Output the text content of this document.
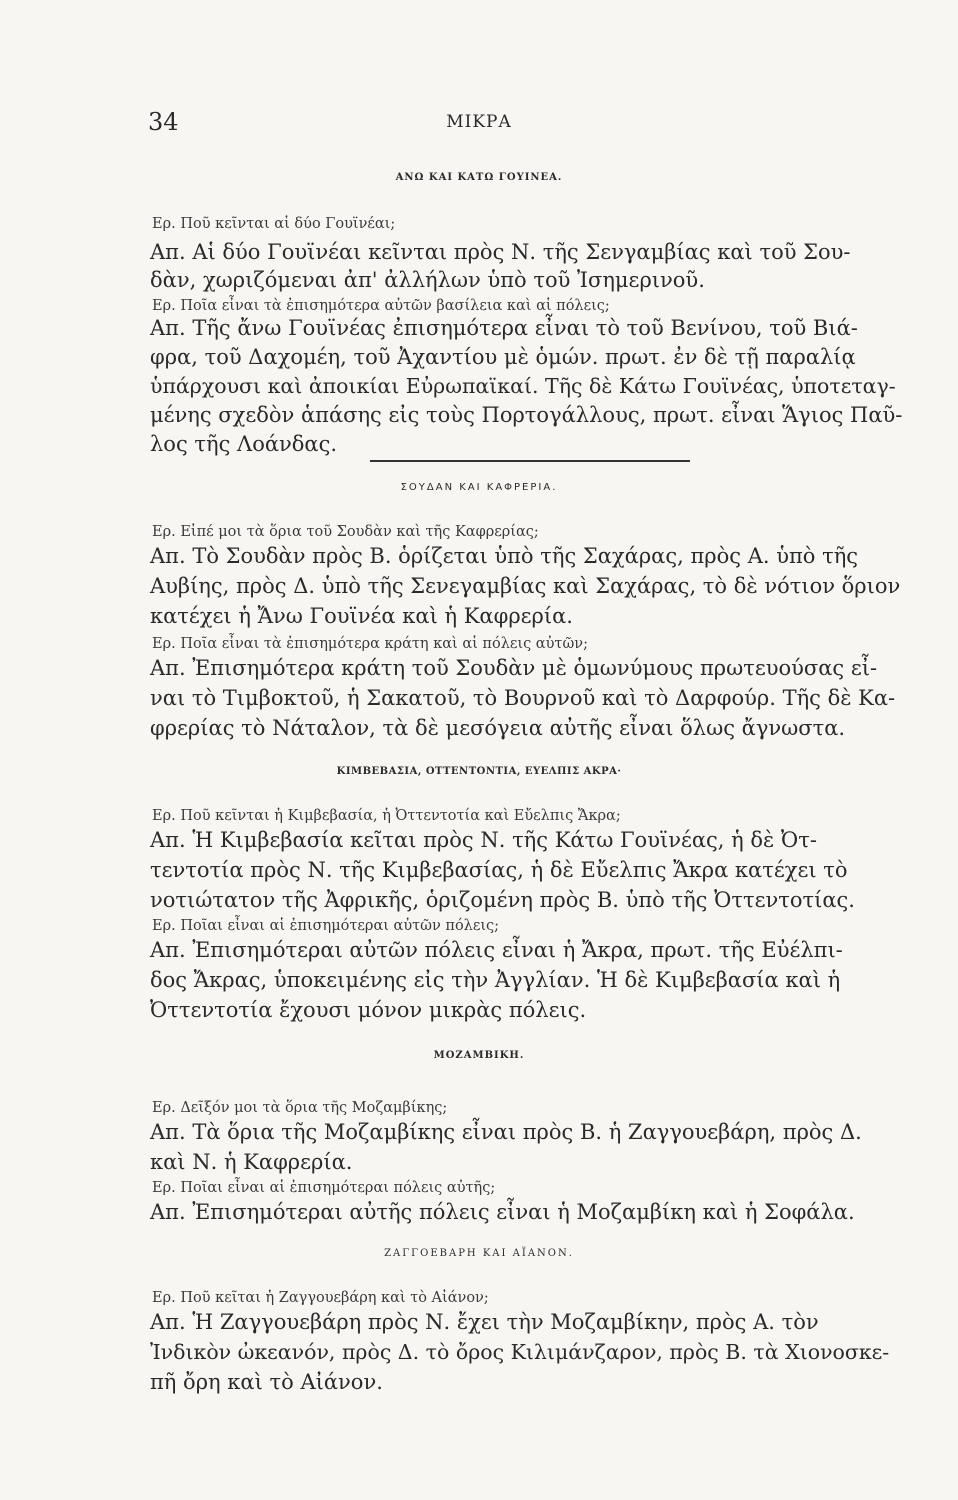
34	ΜΙΚΡΑ
ΑΝΩ ΚΑΙ ΚΑΤΩ ΓΟΥΙΝΕΑ.
Ερ. Ποῦ κεῖνται αἱ δύο Γουϊνέαι;
Απ. Αἱ δύο Γουϊνέαι κεῖνται πρὸς Ν. τῆς Σενγαμβίας καὶ τοῦ Σου-
δὰν, χωριζόμεναι ἀπ' ἀλλήλων ὑπὸ τοῦ Ἰσημερινοῦ.
Ερ. Ποῖα εἶναι τὰ ἐπισημότερα αὐτῶν βασίλεια καὶ αἱ πόλεις;
Απ. Τῆς ἄνω Γουϊνέας ἐπισημότερα εἶναι τὸ τοῦ Βενίνου, τοῦ Βιά-
φρα, τοῦ Δαχομέη, τοῦ Ἀχαντίου μὲ ὁμών. πρωτ. ἐν δὲ τῇ παραλίᾳ
ὑπάρχουσι καὶ ἀποικίαι Εὐρωπαϊκαί. Τῆς δὲ Κάτω Γουϊνέας, ὑποτεταγ-
μένης σχεδὸν ἁπάσης εἰς τοὺς Πορτογάλλους, πρωτ. εἶναι Ἅγιος Παῦ-
λος τῆς Λοάνδας.
ΣΟΥΔΑΝ ΚΑΙ ΚΑΦΡΕΡΙΑ.
Ερ. Εἰπέ μοι τὰ ὅρια τοῦ Σουδὰν καὶ τῆς Καφρερίας;
Απ. Τὸ Σουδὰν πρὸς Β. ὁρίζεται ὑπὸ τῆς Σαχάρας, πρὸς Α. ὑπὸ τῆς
Αυβίης, πρὸς Δ. ὑπὸ τῆς Σενεγαμβίας καὶ Σαχάρας, τὸ δὲ νότιον ὅριον
κατέχει ἡ Ἄνω Γουϊνέα καὶ ἡ Καφρερία.
Ερ. Ποῖα εἶναι τὰ ἐπισημότερα κράτη καὶ αἱ πόλεις αὐτῶν;
Απ. Ἐπισημότερα κράτη τοῦ Σουδὰν μὲ ὁμωνύμους πρωτευούσας εἶ-
ναι τὸ Τιμβοκτοῦ, ἡ Σακατοῦ, τὸ Βουρνοῦ καὶ τὸ Δαρφούρ. Τῆς δὲ Κα-
φρερίας τὸ Νάταλον, τὰ δὲ μεσόγεια αὐτῆς εἶναι ὅλως ἄγνωστα.
ΚΙΜΒΕΒΑΣΙΑ, ΟΤΤΕΝΤΟΝΤΙΑ, ΕΥΕΛΠΙΣ ΑΚΡΑ·
Ερ. Ποῦ κεῖνται ἡ Κιμβεβασία, ἡ Ὀττεντοτία καὶ Εὔελπις Ἄκρα;
Απ. Ἡ Κιμβεβασία κεῖται πρὸς Ν. τῆς Κάτω Γουϊνέας, ἡ δὲ Ὀτ-
τεντοτία πρὸς Ν. τῆς Κιμβεβασίας, ἡ δὲ Εὔελπις Ἄκρα κατέχει τὸ
νοτιώτατον τῆς Ἀφρικῆς, ὁριζομένη πρὸς Β. ὑπὸ τῆς Ὀττεντοτίας.
Ερ. Ποῖαι εἶναι αἱ ἐπισημότεραι αὐτῶν πόλεις;
Απ. Ἐπισημότεραι αὐτῶν πόλεις εἶναι ἡ Ἄκρα, πρωτ. τῆς Εὐέλπι-
δος Ἄκρας, ὑποκειμένης εἰς τὴν Ἀγγλίαν. Ἡ δὲ Κιμβεβασία καὶ ἡ
Ὀττεντοτία ἔχουσι μόνον μικρὰς πόλεις.
ΜΟΖΑΜΒΙΚΗ.
Ερ. Δεῖξόν μοι τὰ ὅρια τῆς Μοζαμβίκης;
Απ. Τὰ ὅρια τῆς Μοζαμβίκης εἶναι πρὸς Β. ἡ Ζαγγουεβάρη, πρὸς Δ.
καὶ Ν. ἡ Καφρερία.
Ερ. Ποῖαι εἶναι αἱ ἐπισημότεραι πόλεις αὐτῆς;
Απ. Ἐπισημότεραι αὐτῆς πόλεις εἶναι ἡ Μοζαμβίκη καὶ ἡ Σοφάλα.
ΖΑΓΓΟΕΒΑΡΗ ΚΑΙ ΑΪΑΝΟΝ.
Ερ. Ποῦ κεῖται ἡ Ζαγγουεβάρη καὶ τὸ Αἰάνον;
Απ. Ἡ Ζαγγουεβάρη πρὸς Ν. ἔχει τὴν Μοζαμβίκην, πρὸς Α. τὸν
Ἰνδικὸν ὠκεανόν, πρὸς Δ. τὸ ὄρος Κιλιμάνζαρον, πρὸς Β. τὰ Χιονοσκε-
πῆ ὄρη καὶ τὸ Αἰάνον.
